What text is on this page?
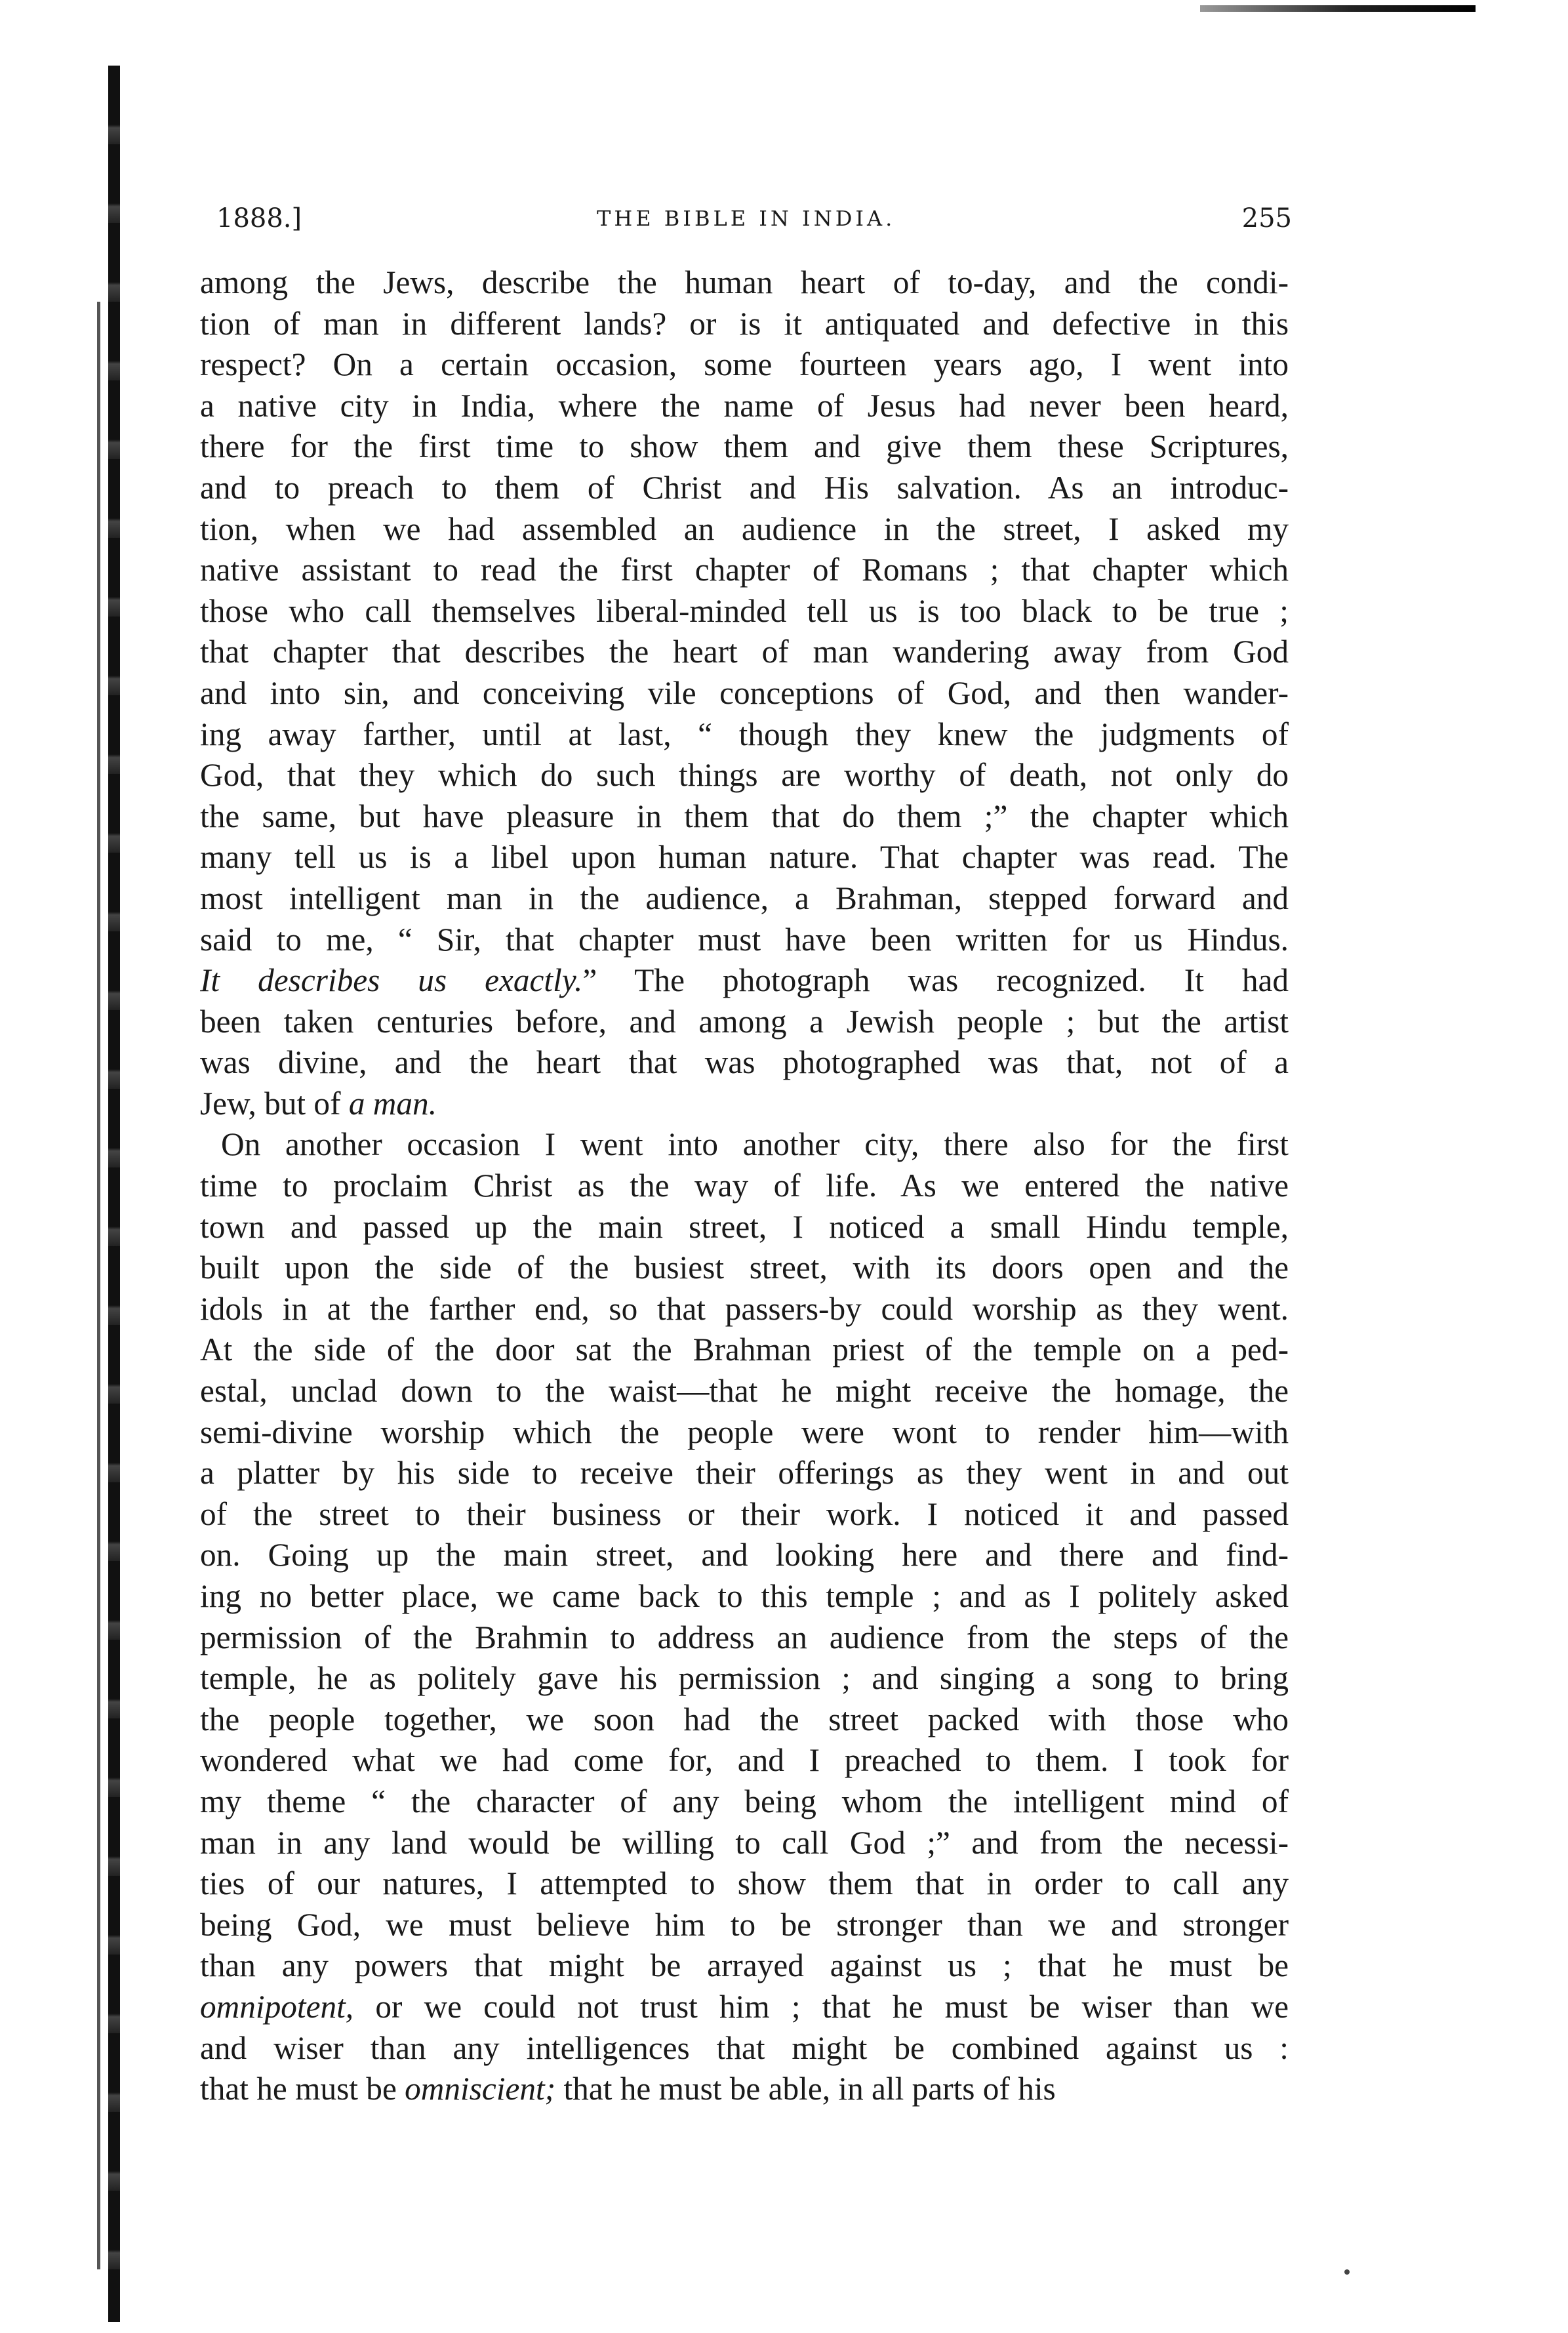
1888.]	THE BIBLE IN INDIA.	255
among the Jews, describe the human heart of to-day, and the condi-
tion of man in different lands? or is it antiquated and defective in this
respect? On a certain occasion, some fourteen years ago, I went into
a native city in India, where the name of Jesus had never been heard,
there for the first time to show them and give them these Scriptures,
and to preach to them of Christ and His salvation. As an introduc-
tion, when we had assembled an audience in the street, I asked my
native assistant to read the first chapter of Romans ; that chapter which
those who call themselves liberal-minded tell us is too black to be true ;
that chapter that describes the heart of man wandering away from God
and into sin, and conceiving vile conceptions of God, and then wander-
ing away farther, until at last, “ though they knew the judgments of
God, that they which do such things are worthy of death, not only do
the same, but have pleasure in them that do them ;” the chapter which
many tell us is a libel upon human nature. That chapter was read. The
most intelligent man in the audience, a Brahman, stepped forward and
said to me, “ Sir, that chapter must have been written for us Hindus.
It describes us exactly.” The photograph was recognized. It had
been taken centuries before, and among a Jewish people ; but the artist
was divine, and the heart that was photographed was that, not of a
Jew, but of a man.
On another occasion I went into another city, there also for the first
time to proclaim Christ as the way of life. As we entered the native
town and passed up the main street, I noticed a small Hindu temple,
built upon the side of the busiest street, with its doors open and the
idols in at the farther end, so that passers-by could worship as they went.
At the side of the door sat the Brahman priest of the temple on a ped-
estal, unclad down to the waist—that he might receive the homage, the
semi-divine worship which the people were wont to render him—with
a platter by his side to receive their offerings as they went in and out
of the street to their business or their work. I noticed it and passed
on. Going up the main street, and looking here and there and find-
ing no better place, we came back to this temple ; and as I politely asked
permission of the Brahmin to address an audience from the steps of the
temple, he as politely gave his permission ; and singing a song to bring
the people together, we soon had the street packed with those who
wondered what we had come for, and I preached to them. I took for
my theme “ the character of any being whom the intelligent mind of
man in any land would be willing to call God ;” and from the necessi-
ties of our natures, I attempted to show them that in order to call any
being God, we must believe him to be stronger than we and stronger
than any powers that might be arrayed against us ; that he must be
omnipotent, or we could not trust him ; that he must be wiser than we
and wiser than any intelligences that might be combined against us :
that he must be omniscient; that he must be able, in all parts of his
